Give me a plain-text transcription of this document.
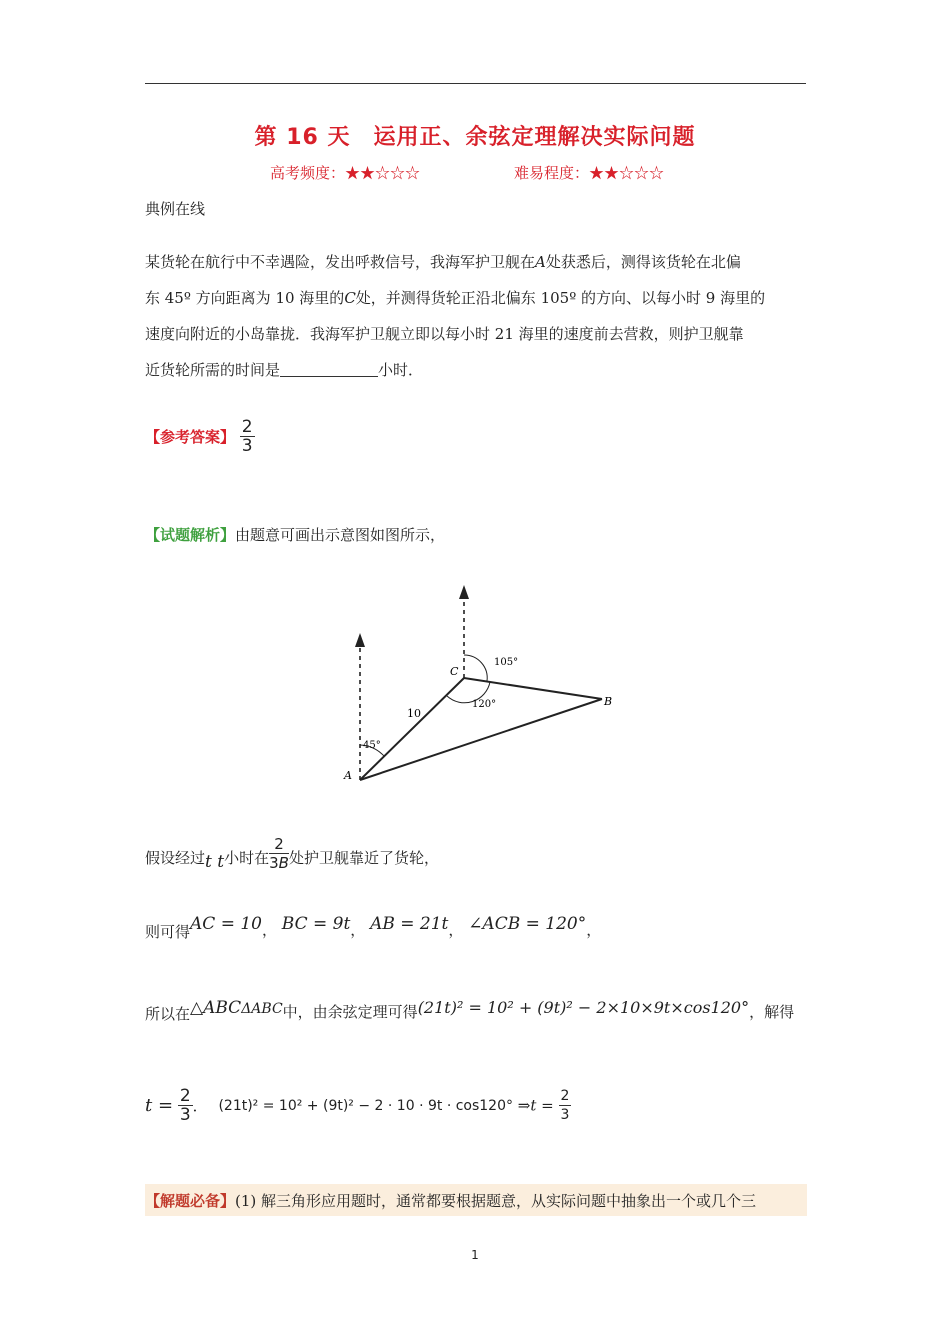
第 16 天　运用正、余弦定理解决实际问题
高考频度：★★☆☆☆	难易程度：★★☆☆☆
典例在线
某货轮在航行中不幸遇险，发出呼救信号，我海军护卫舰在A处获悉后，测得该货轮在北偏
东 45º 方向距离为 10 海里的C处，并测得货轮正沿北偏东 105º 的方向、以每小时 9 海里的
速度向附近的小岛靠拢．我海军护卫舰立即以每小时 21 海里的速度前去营救，则护卫舰靠
近货轮所需的时间是	小时．
【参考答案】 $\frac{2}{3}$
【试题解析】由题意可画出示意图如图所示，
A
B
C
10
45°
105°
120°
假设经过t t小时在 $\frac{2}{3B}$ 处护卫舰靠近了货轮，
则可得AC = 10， BC = 9t， AB = 21t， ∠ACB = 120°，
所以在△ABCΔABC中，由余弦定理可得(21t)² = 10² + (9t)² − 2×10×9t×cos120°，解得
$t = \frac{2}{3}$ ． (21t)² = 10² + (9t)² − 2 · 10 · 9t · cos120° ⇒t = $\frac{2}{3}$
【解题必备】(1) 解三角形应用题时，通常都要根据题意，从实际问题中抽象出一个或几个三
1
